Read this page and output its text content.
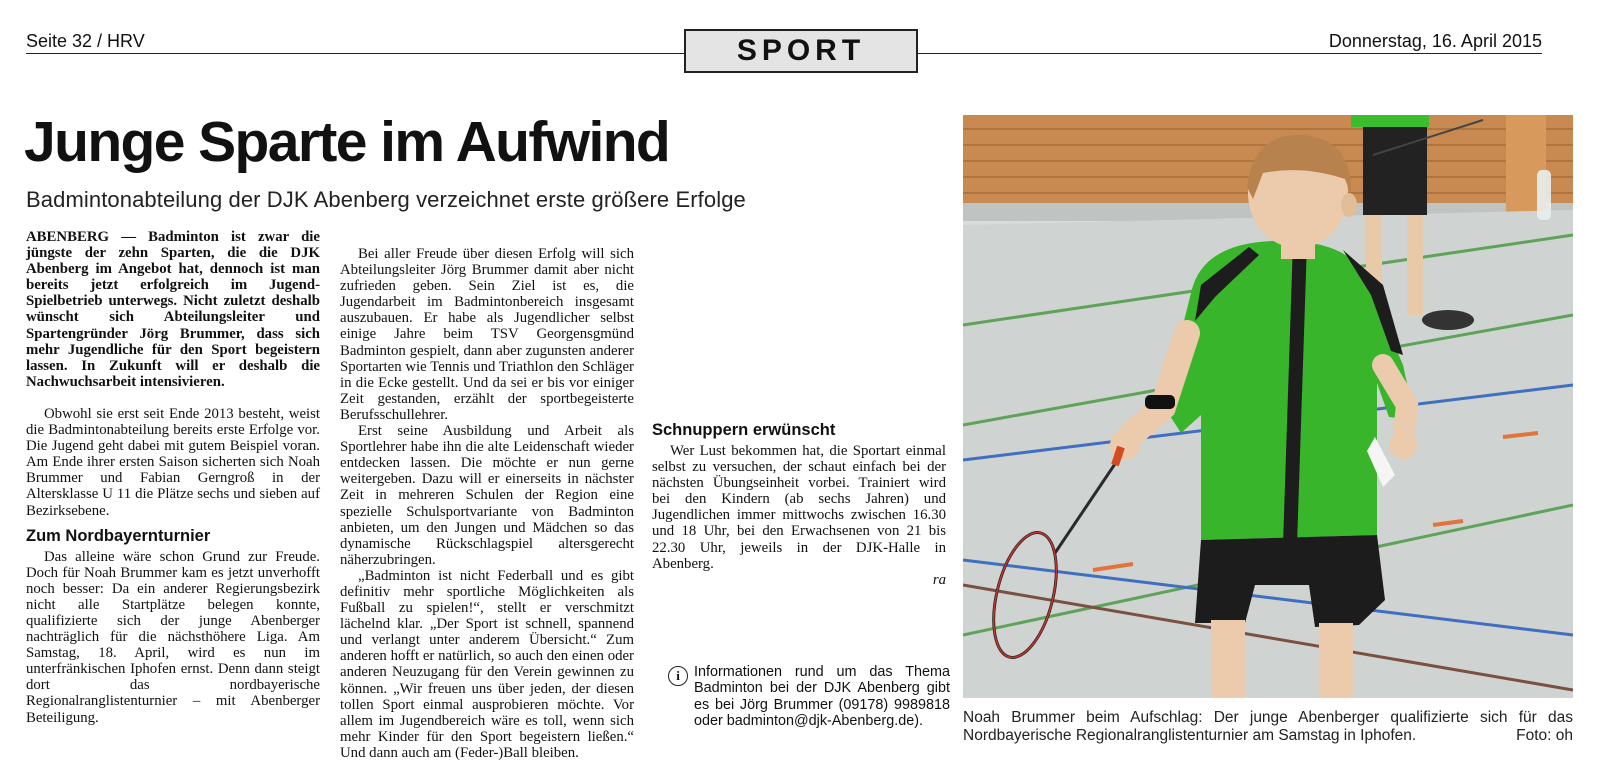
Seite 32 / HRV	SPORT	Donnerstag, 16. April 2015
Junge Sparte im Aufwind
Badmintonabteilung der DJK Abenberg verzeichnet erste größere Erfolge

ABENBERG — Badminton ist zwar die jüngste der zehn Sparten, die die DJK Abenberg im Angebot hat, dennoch ist man bereits jetzt erfolgreich im Jugend-Spielbetrieb unterwegs. Nicht zuletzt deshalb wünscht sich Abteilungsleiter und Spartengründer Jörg Brummer, dass sich mehr Jugendliche für den Sport begeistern lassen. In Zukunft will er deshalb die Nachwuchsarbeit intensivieren.

Obwohl sie erst seit Ende 2013 besteht, weist die Badmintonabteilung bereits erste Erfolge vor. Die Jugend geht dabei mit gutem Beispiel voran. Am Ende ihrer ersten Saison sicherten sich Noah Brummer und Fabian Gerngroß in der Altersklasse U 11 die Plätze sechs und sieben auf Bezirksebene.

Zum Nordbayernturnier

Das alleine wäre schon Grund zur Freude. Doch für Noah Brummer kam es jetzt unverhofft noch besser: Da ein anderer Regierungsbezirk nicht alle Startplätze belegen konnte, qualifizierte sich der junge Abenberger nachträglich für die nächsthöhere Liga. Am Samstag, 18. April, wird es nun im unterfränkischen Iphofen ernst. Denn dann steigt dort das nordbayerische Regionalranglistenturnier – mit Abenberger Beteiligung.

Bei aller Freude über diesen Erfolg will sich Abteilungsleiter Jörg Brummer damit aber nicht zufrieden geben. Sein Ziel ist es, die Jugendarbeit im Badmintonbereich insgesamt auszubauen. Er habe als Jugendlicher selbst einige Jahre beim TSV Georgensgmünd Badminton gespielt, dann aber zugunsten anderer Sportarten wie Tennis und Triathlon den Schläger in die Ecke gestellt. Und da sei er bis vor einiger Zeit gestanden, erzählt der sportbegeisterte Berufsschullehrer.

Erst seine Ausbildung und Arbeit als Sportlehrer habe ihn die alte Leidenschaft wieder entdecken lassen. Die möchte er nun gerne weitergeben. Dazu will er einerseits in nächster Zeit in mehreren Schulen der Region eine spezielle Schulsportvariante von Badminton anbieten, um den Jungen und Mädchen so das dynamische Rückschlagspiel altersgerecht näherzubringen.

„Badminton ist nicht Federball und es gibt definitiv mehr sportliche Möglichkeiten als Fußball zu spielen!“, stellt er verschmitzt lächelnd klar. „Der Sport ist schnell, spannend und verlangt unter anderem Übersicht.“ Zum anderen hofft er natürlich, so auch den einen oder anderen Neuzugang für den Verein gewinnen zu können. „Wir freuen uns über jeden, der diesen tollen Sport einmal ausprobieren möchte. Vor allem im Jugendbereich wäre es toll, wenn sich mehr Kinder für den Sport begeistern ließen.“ Und dann auch am (Feder-)Ball bleiben.

Schnuppern erwünscht

Wer Lust bekommen hat, die Sportart einmal selbst zu versuchen, der schaut einfach bei der nächsten Übungseinheit vorbei. Trainiert wird bei den Kindern (ab sechs Jahren) und Jugendlichen immer mittwochs zwischen 16.30 und 18 Uhr, bei den Erwachsenen von 21 bis 22.30 Uhr, jeweils in der DJK-Halle in Abenberg.

ra

i Informationen rund um das Thema Badminton bei der DJK Abenberg gibt es bei Jörg Brummer (09178) 9989818 oder badminton@djk-Abenberg.de).	Noah Brummer beim Aufschlag: Der junge Abenberger qualifizierte sich für das Nordbayerische Regionalranglistenturnier am Samstag in Iphofen.	Foto: oh
